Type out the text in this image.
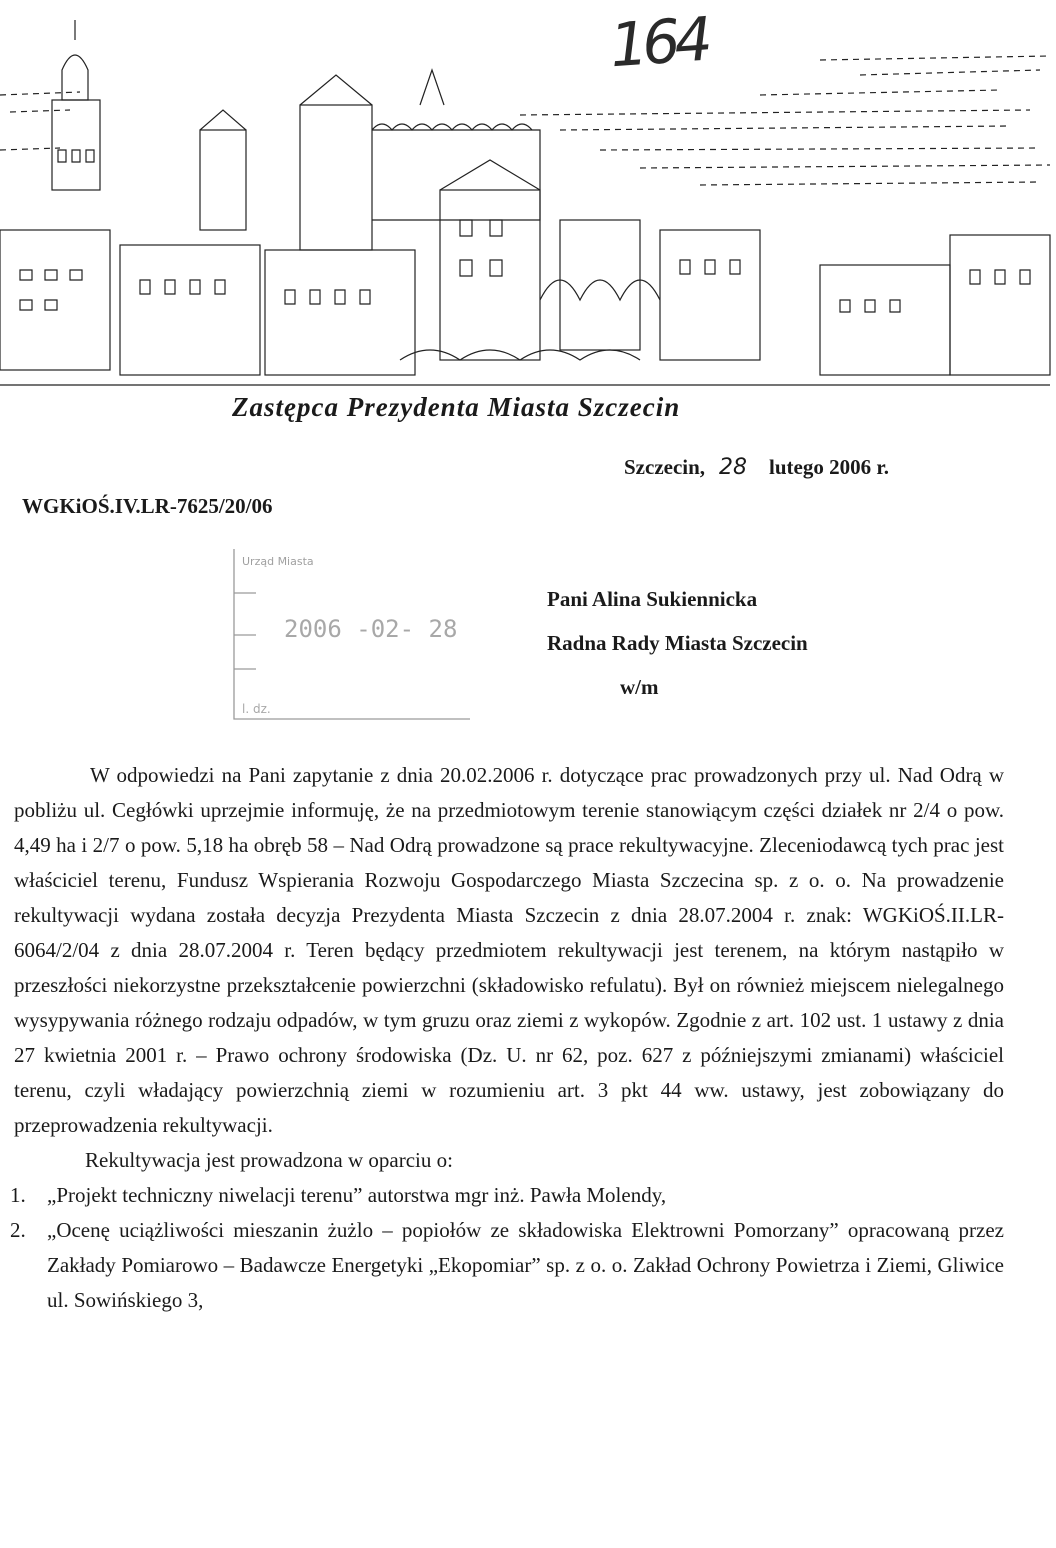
164
Zastępca Prezydenta Miasta Szczecin
Szczecin, 28 lutego 2006 r.
WGKiOŚ.IV.LR-7625/20/06
Urząd Miasta
2006 -02- 28
l. dz.
Pani Alina Sukiennicka
Radna Rady Miasta Szczecin
w/m

W odpowiedzi na Pani zapytanie z dnia 20.02.2006 r. dotyczące prac prowadzonych przy ul. Nad Odrą w pobliżu ul. Cegłówki uprzejmie informuję, że na przedmiotowym terenie stanowiącym części działek nr 2/4 o pow. 4,49 ha i 2/7 o pow. 5,18 ha obręb 58 – Nad Odrą prowadzone są prace rekultywacyjne. Zleceniodawcą tych prac jest właściciel terenu, Fundusz Wspierania Rozwoju Gospodarczego Miasta Szczecina sp. z o. o. Na prowadzenie rekultywacji wydana została decyzja Prezydenta Miasta Szczecin z dnia 28.07.2004 r. znak: WGKiOŚ.II.LR-6064/2/04 z dnia 28.07.2004 r. Teren będący przedmiotem rekultywacji jest terenem, na którym nastąpiło w przeszłości niekorzystne przekształcenie powierzchni (składowisko refulatu). Był on również miejscem nielegalnego wysypywania różnego rodzaju odpadów, w tym gruzu oraz ziemi z wykopów. Zgodnie z art. 102 ust. 1 ustawy z dnia 27 kwietnia 2001 r. – Prawo ochrony środowiska (Dz. U. nr 62, poz. 627 z późniejszymi zmianami) właściciel terenu, czyli władający powierzchnią ziemi w rozumieniu art. 3 pkt 44 ww. ustawy, jest zobowiązany do przeprowadzenia rekultywacji.

Rekultywacja jest prowadzona w oparciu o:

1. „Projekt techniczny niwelacji terenu” autorstwa mgr inż. Pawła Molendy,
2. „Ocenę uciążliwości mieszanin żużlo – popiołów ze składowiska Elektrowni Pomorzany” opracowaną przez Zakłady Pomiarowo – Badawcze Energetyki „Ekopomiar” sp. z o. o. Zakład Ochrony Powietrza i Ziemi, Gliwice ul. Sowińskiego 3,
